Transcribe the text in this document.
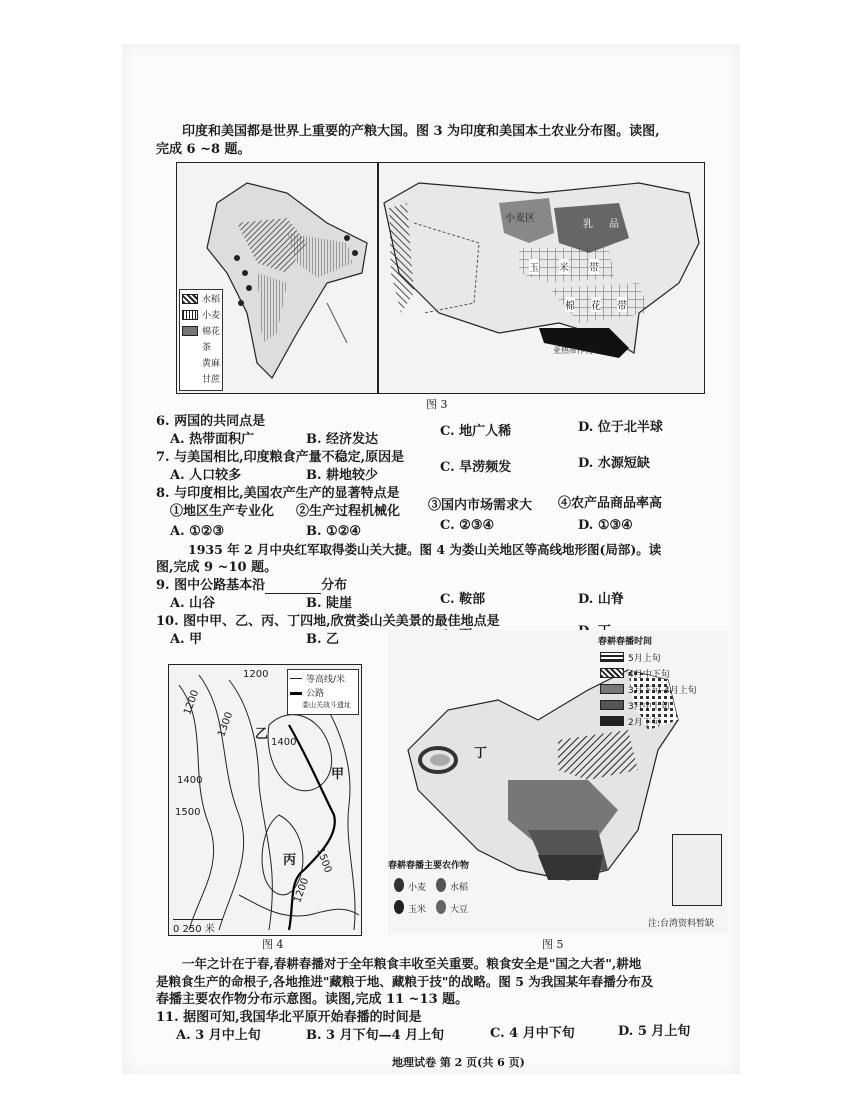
印度和美国都是世界上重要的产粮大国。图 3 为印度和美国本土农业分布图。读图,
完成 6 ~8 题。
水稻
小麦
棉花
茶
黄麻
甘蔗
小麦区
乳 品
玉 米 带
棉 花 带
亚热带作物带
图 3
6. 两国的共同点是
A. 热带面积广	B. 经济发达
C. 地广人稀	D. 位于北半球
7. 与美国相比,印度粮食产量不稳定,原因是
A. 人口较多	B. 耕地较少
C. 旱涝频发	D. 水源短缺
8. 与印度相比,美国农产生产的显著特点是
①地区生产专业化 ②生产过程机械化 ③国内市场需求大 ④农产品商品率高
A. ①②③	B. ①②④	C. ②③④	D. ①③④
1935 年 2 月中央红军取得娄山关大捷。图 4 为娄山关地区等高线地形图(局部)。读
图,完成 9 ~10 题。
9. 图中公路基本沿	分布
A. 山谷	B. 陡崖	C. 鞍部	D. 山脊
10. 图中甲、乙、丙、丁四地,欣赏娄山关美景的最佳地点是
A. 甲	B. 乙
等高线/米
公路
娄山关战斗遗址
1200
1200
1300
1400
1400
1500
1500
1200
乙
甲
丙
0 250 米
图 4
春耕春播时间
5月上旬
4月中下旬
3月下旬-4月上旬
3月中上旬
2月下旬
丁
春耕春播主要农作物
小麦	水稻
玉米	大豆
注:台湾资料暂缺
图 5
一年之计在于春,春耕春播对于全年粮食丰收至关重要。粮食安全是"国之大者",耕地
是粮食生产的命根子,各地推进"藏粮于地、藏粮于技"的战略。图 5 为我国某年春播分布及
春播主要农作物分布示意图。读图,完成 11 ~13 题。
11. 据图可知,我国华北平原开始春播的时间是
A. 3 月中上旬	B. 3 月下旬—4 月上旬	C. 4 月中下旬	D. 5 月上旬
地理试卷 第 2 页(共 6 页)
